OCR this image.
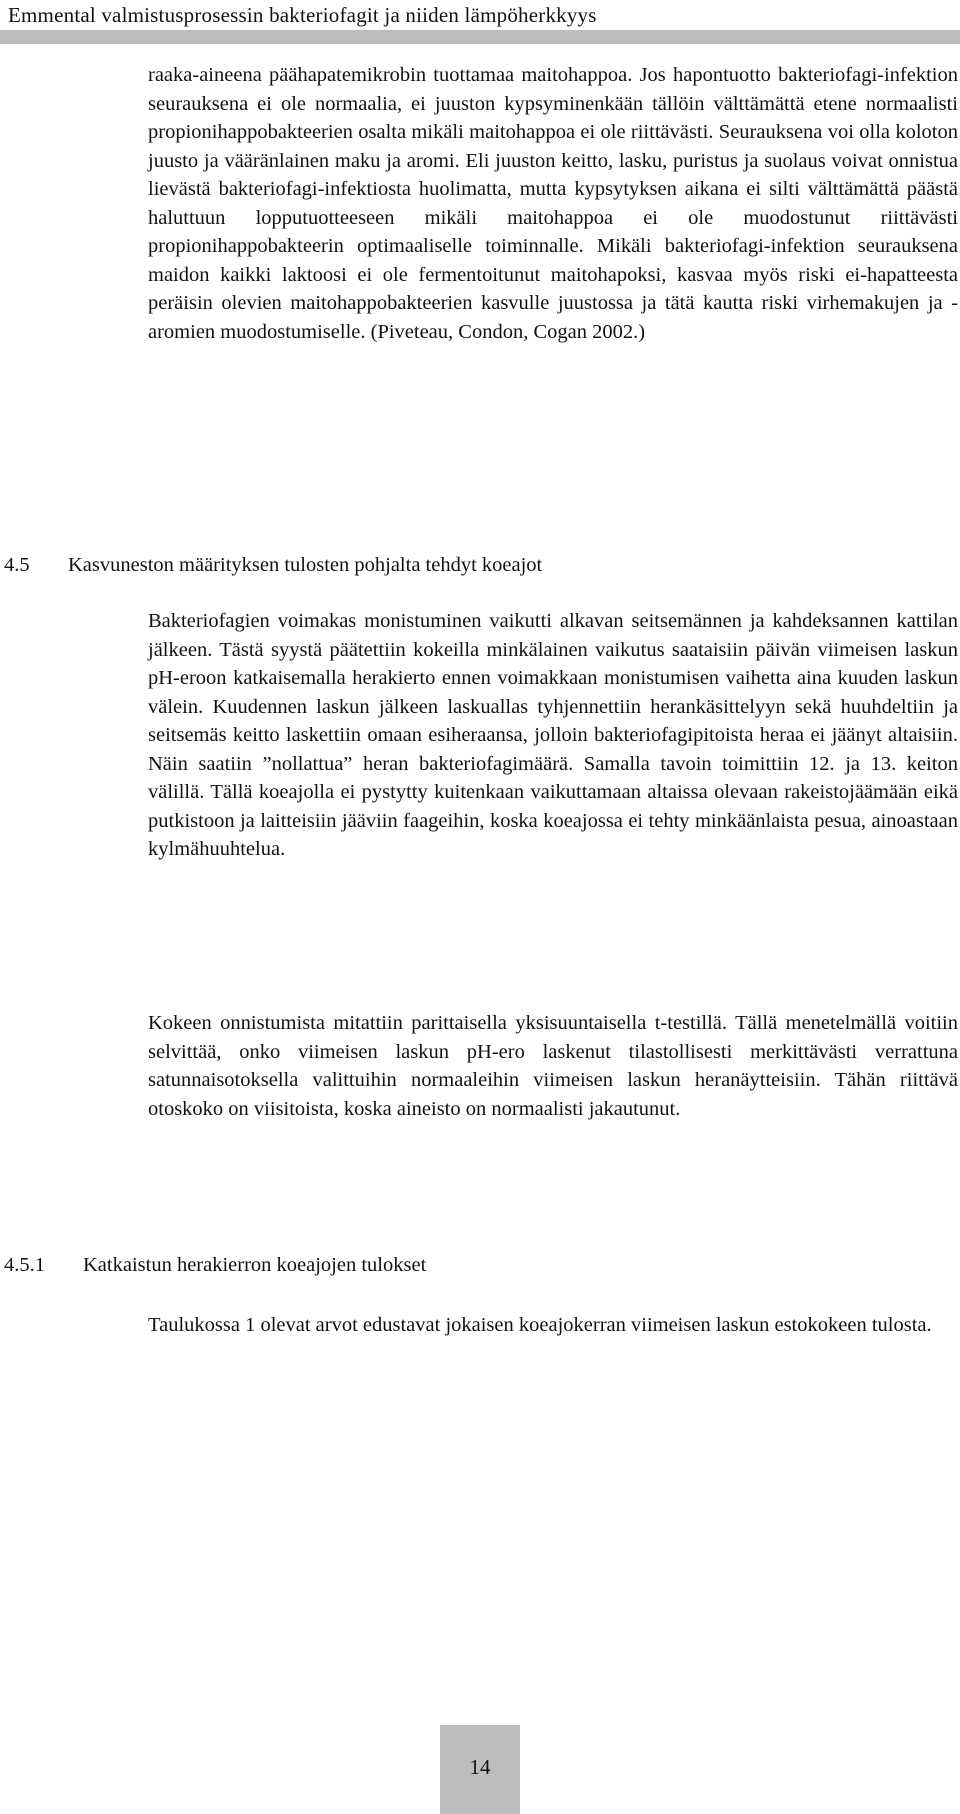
Emmental valmistusprosessin bakteriofagit ja niiden lämpöherkkyys

raaka-aineena päähapatemikrobin tuottamaa maitohappoa. Jos hapontuotto bakteriofagi-infektion seurauksena ei ole normaalia, ei juuston kypsyminenkään tällöin välttämättä etene normaalisti propionihappobakteerien osalta mikäli maitohappoa ei ole riittävästi. Seurauksena voi olla koloton juusto ja vääränlainen maku ja aromi. Eli juuston keitto, lasku, puristus ja suolaus voivat onnistua lievästä bakteriofagi-infektiosta huolimatta, mutta kypsytyksen aikana ei silti välttämättä päästä haluttuun lopputuotteeseen mikäli maitohappoa ei ole muodostunut riittävästi propionihappobakteerin optimaaliselle toiminnalle. Mikäli bakteriofagi-infektion seurauksena maidon kaikki laktoosi ei ole fermentoitunut maitohapoksi, kasvaa myös riski ei-hapatteesta peräisin olevien maitohappobakteerien kasvulle juustossa ja tätä kautta riski virhemakujen ja -aromien muodostumiselle. (Piveteau, Condon, Cogan 2002.)

4.5 Kasvuneston määrityksen tulosten pohjalta tehdyt koeajot

Bakteriofagien voimakas monistuminen vaikutti alkavan seitsemännen ja kahdeksannen kattilan jälkeen. Tästä syystä päätettiin kokeilla minkälainen vaikutus saataisiin päivän viimeisen laskun pH-eroon katkaisemalla herakierto ennen voimakkaan monistumisen vaihetta aina kuuden laskun välein. Kuudennen laskun jälkeen laskuallas tyhjennettiin herankäsittelyyn sekä huuhdeltiin ja seitsemäs keitto laskettiin omaan esiheraansa, jolloin bakteriofagipitoista heraa ei jäänyt altaisiin. Näin saatiin ”nollattua” heran bakteriofagimäärä. Samalla tavoin toimittiin 12. ja 13. keiton välillä. Tällä koeajolla ei pystytty kuitenkaan vaikuttamaan altaissa olevaan rakeistojäämään eikä putkistoon ja laitteisiin jääviin faageihin, koska koeajossa ei tehty minkäänlaista pesua, ainoastaan kylmähuuhtelua.

Kokeen onnistumista mitattiin parittaisella yksisuuntaisella t-testillä. Tällä menetelmällä voitiin selvittää, onko viimeisen laskun pH-ero laskenut tilastollisesti merkittävästi verrattuna satunnaisotoksella valittuihin normaaleihin viimeisen laskun heranäytteisiin. Tähän riittävä otoskoko on viisitoista, koska aineisto on normaalisti jakautunut.

4.5.1 Katkaistun herakierron koeajojen tulokset

Taulukossa 1 olevat arvot edustavat jokaisen koeajokerran viimeisen laskun estokokeen tulosta.

14
